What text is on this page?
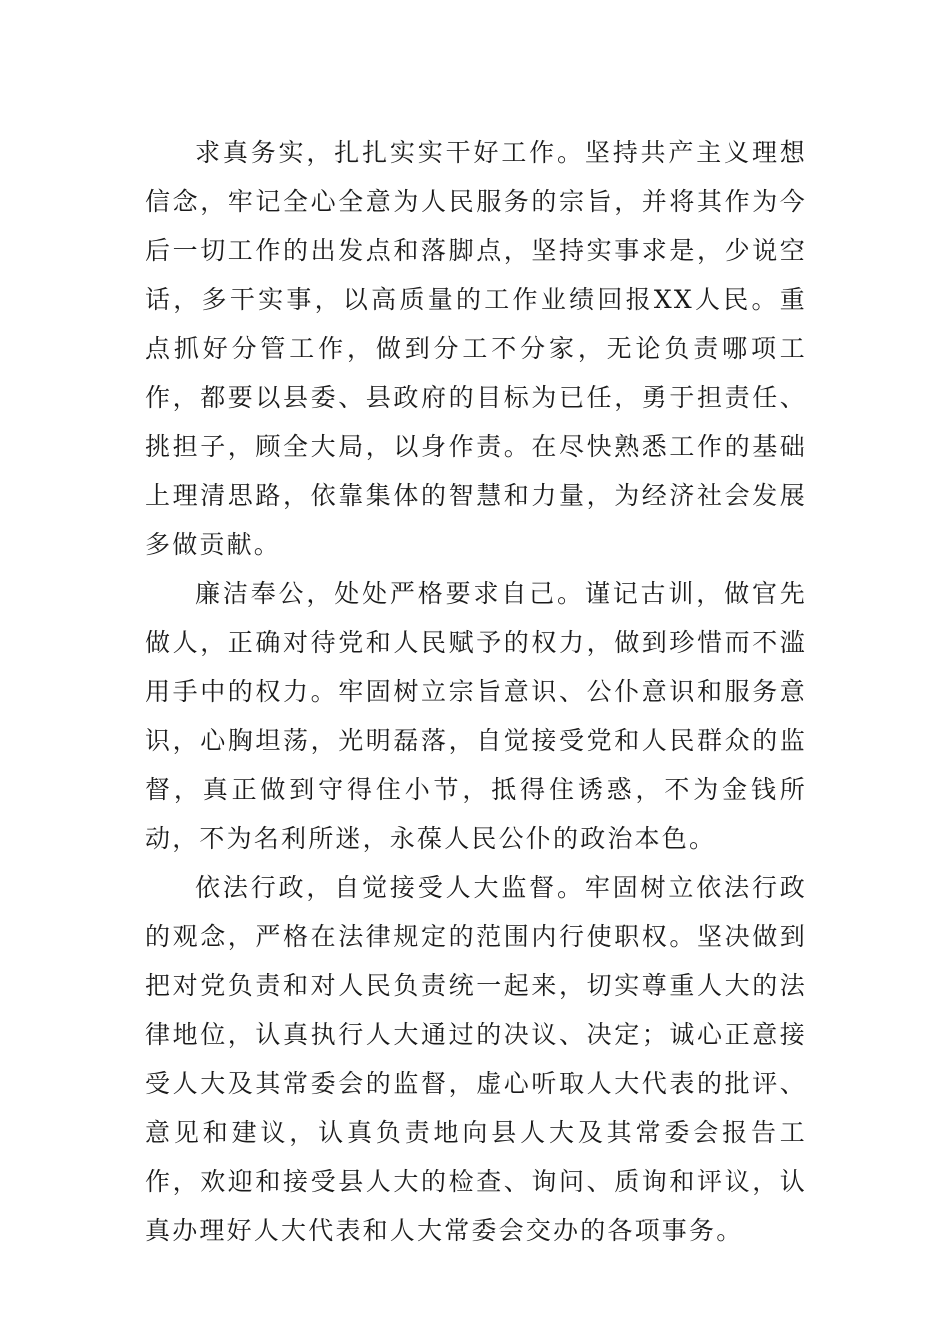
求真务实，扎扎实实干好工作。坚持共产主义理想信念，牢记全心全意为人民服务的宗旨，并将其作为今后一切工作的出发点和落脚点，坚持实事求是，少说空话，多干实事，以高质量的工作业绩回报XX人民。重点抓好分管工作，做到分工不分家，无论负责哪项工作，都要以县委、县政府的目标为已任，勇于担责任、挑担子，顾全大局，以身作责。在尽快熟悉工作的基础上理清思路，依靠集体的智慧和力量，为经济社会发展多做贡献。

廉洁奉公，处处严格要求自己。谨记古训，做官先做人，正确对待党和人民赋予的权力，做到珍惜而不滥用手中的权力。牢固树立宗旨意识、公仆意识和服务意识，心胸坦荡，光明磊落，自觉接受党和人民群众的监督，真正做到守得住小节，抵得住诱惑，不为金钱所动，不为名利所迷，永葆人民公仆的政治本色。

依法行政，自觉接受人大监督。牢固树立依法行政的观念，严格在法律规定的范围内行使职权。坚决做到把对党负责和对人民负责统一起来，切实尊重人大的法律地位，认真执行人大通过的决议、决定；诚心正意接受人大及其常委会的监督，虚心听取人大代表的批评、意见和建议，认真负责地向县人大及其常委会报告工作，欢迎和接受县人大的检查、询问、质询和评议，认真办理好人大代表和人大常委会交办的各项事务。
